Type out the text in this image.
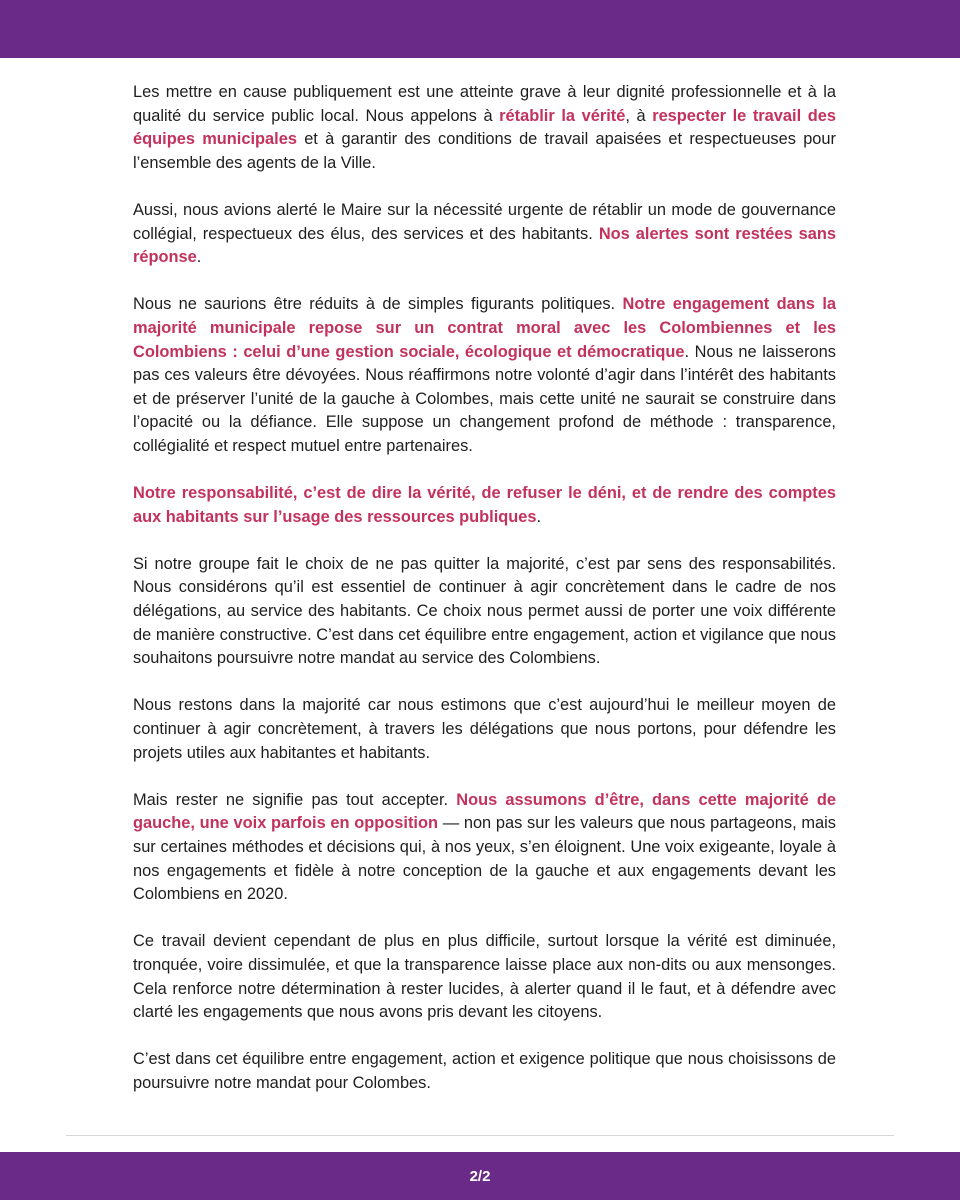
Les mettre en cause publiquement est une atteinte grave à leur dignité professionnelle et à la qualité du service public local. Nous appelons à rétablir la vérité, à respecter le travail des équipes municipales et à garantir des conditions de travail apaisées et respectueuses pour l’ensemble des agents de la Ville.

Aussi, nous avions alerté le Maire sur la nécessité urgente de rétablir un mode de gouvernance collégial, respectueux des élus, des services et des habitants. Nos alertes sont restées sans réponse.

Nous ne saurions être réduits à de simples figurants politiques. Notre engagement dans la majorité municipale repose sur un contrat moral avec les Colombiennes et les Colombiens : celui d’une gestion sociale, écologique et démocratique. Nous ne laisserons pas ces valeurs être dévoyées. Nous réaffirmons notre volonté d’agir dans l’intérêt des habitants et de préserver l’unité de la gauche à Colombes, mais cette unité ne saurait se construire dans l’opacité ou la défiance. Elle suppose un changement profond de méthode : transparence, collégialité et respect mutuel entre partenaires.

Notre responsabilité, c’est de dire la vérité, de refuser le déni, et de rendre des comptes aux habitants sur l’usage des ressources publiques.

Si notre groupe fait le choix de ne pas quitter la majorité, c’est par sens des responsabilités. Nous considérons qu’il est essentiel de continuer à agir concrètement dans le cadre de nos délégations, au service des habitants. Ce choix nous permet aussi de porter une voix différente de manière constructive. C’est dans cet équilibre entre engagement, action et vigilance que nous souhaitons poursuivre notre mandat au service des Colombiens.

Nous restons dans la majorité car nous estimons que c’est aujourd’hui le meilleur moyen de continuer à agir concrètement, à travers les délégations que nous portons, pour défendre les projets utiles aux habitantes et habitants.

Mais rester ne signifie pas tout accepter. Nous assumons d’être, dans cette majorité de gauche, une voix parfois en opposition — non pas sur les valeurs que nous partageons, mais sur certaines méthodes et décisions qui, à nos yeux, s’en éloignent. Une voix exigeante, loyale à nos engagements et fidèle à notre conception de la gauche et aux engagements devant les Colombiens en 2020.

Ce travail devient cependant de plus en plus difficile, surtout lorsque la vérité est diminuée, tronquée, voire dissimulée, et que la transparence laisse place aux non-dits ou aux mensonges. Cela renforce notre détermination à rester lucides, à alerter quand il le faut, et à défendre avec clarté les engagements que nous avons pris devant les citoyens.

C’est dans cet équilibre entre engagement, action et exigence politique que nous choisissons de poursuivre notre mandat pour Colombes.

2/2
